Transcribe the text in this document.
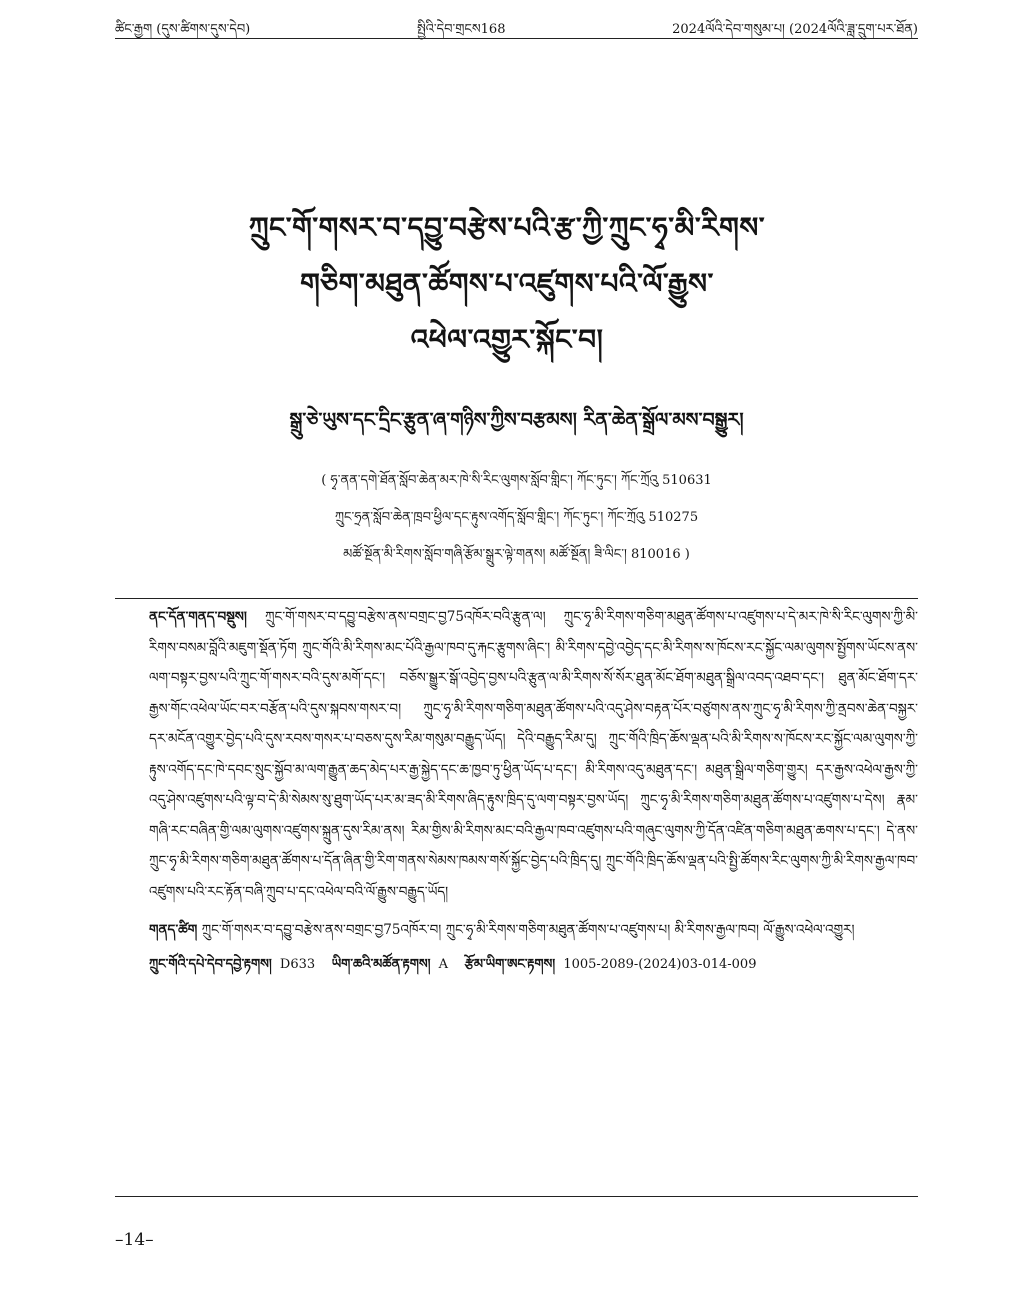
ཚིང་རྒྱག (དུས་ཚིགས་དུས་དེབ)	སྤྱིའི་དེབ་གྲངས168	2024ལོའི་དེབ་གསུམ་པ། (2024ལོའི་ཟླ་དྲུག་པར་ཐོན)
ཀྲུང་གོ་གསར་བ་དབྱུ་བརྩེས་པའི་རྩ་ཀྱི་ཀྲུང་ཧྭ་མི་རིགས་
གཅིག་མཐུན་ཚོགས་པ་འཛུགས་པའི་ལོ་རྒྱུས་
འཕེལ་འགྱུར་སྐོང་བ།
སྒྲུ་ཅེ་ཡུས་དང་དྲིང་རྩུན་ཞ་གཉིས་ཀྱིས་བརྩམས། རིན་ཆེན་སྒྲོལ་མས་བསྒྱུར།
( ཧྭ་ནན་དགེ་ཐོན་སློབ་ཆེན་མར་ཁེ་སི་རིང་ལུགས་སློབ་གླིང་། ཀོང་ཏུང་། ཀོང་ཀྲོའུ 510631
ཀྲུང་ཧྲན་སློབ་ཆེན་ཁྲབ་ཕྱིལ་དང་རྟུས་འགོད་སློབ་གླིང་། ཀོང་ཏུང་། ཀོང་ཀྲོའུ 510275
མཚོ་སྔོན་མི་རིགས་སློབ་གཞི་རྩོམ་སྒྲུར་ལྟེ་གནས། མཚོ་སྔོན། ཟི་ལིང་། 810016 )

ནང་དོན་གནད་བསྡུས། ཀྲུང་གོ་གསར་བ་དབྱུ་བརྩེས་ནས་བགྲང་བྱ75འཁོར་བའི་རྩུན་ལ། ཀྲུང་ཧྭ་མི་རིགས་གཅིག་མཐུན་ཚོགས་པ་འཛུགས་པ་དེ་མར་ཁེ་སི་རིང་ལུགས་ཀྱི་མི་རིགས་བསམ་བློའི་མཇུག་སྡོན་ཏོག ཀྲུང་གོའི་མི་རིགས་མང་པོའི་རྒྱལ་ཁབ་དུ་རྐང་རྩུགས་ཞིང་། མི་རིགས་དབྱེ་འབྱེད་དང་མི་རིགས་ས་ཁོངས་རང་སྐྱོང་ལམ་ལུགས་སྤྱོགས་ཡོངས་ནས་ལག་བསྟར་བྱས་པའི་ཀྲུང་གོ་གསར་བའི་དུས་མགོ་དང་། བཅོས་སྒྱུར་སྒོ་འབྱེད་བྱས་པའི་རྩུན་ལ་མི་རིགས་སོ་སོར་ཐུན་མོང་ཐོག་མཐུན་སྒྲིལ་འབད་འཐབ་དང་། ཐུན་མོང་ཐོག་དར་རྒྱས་གོང་འཕེལ་ཡོང་བར་བརྩོན་པའི་དུས་སྐབས་གསར་བ། ཀྲུང་ཧྭ་མི་རིགས་གཅིག་མཐུན་ཚོགས་པའི་འདུ་ཤེས་བརྟན་པོར་བཙུགས་ནས་ཀྲུང་ཧྭ་མི་རིགས་ཀྱི་ནྲབས་ཆེན་བསྐྱར་དར་མངོན་འགྱུར་བྱེད་པའི་དུས་རབས་གསར་པ་བཅས་དུས་རིམ་གསུམ་བརྒྱུད་ཡོད། དེའི་བརྒྱུད་རིམ་དུ། ཀྲུང་གོའི་ཁྲིད་ཆོས་ལྡན་པའི་མི་རིགས་ས་ཁོངས་རང་སྐྱོང་ལམ་ལུགས་ཀྱི་རྟུས་འགོད་དང་ཁེ་དབང་སྲུང་སྐྱོབ་མ་ལག་རྒྱུན་ཆད་མེད་པར་རྒྱ་སྐྱེད་དང་ཆ་ཁྱབ་ཏུ་ཕྱིན་ཡོད་པ་དང་། མི་རིགས་འདུ་མཐུན་དང་། མཐུན་སྒྲིལ་གཅིག་གྱུར། དར་རྒྱས་འཕེལ་རྒྱས་ཀྱི་འདུ་ཤེས་འཛུགས་པའི་ལྟ་བ་དེ་མི་སེམས་སུ་ཐུག་ཡོད་པར་མ་ཟད་མི་རིགས་ཞིད་རྟུས་ཁྲིད་དུ་ལག་བསྟར་བྱས་ཡོད། ཀྲུང་ཧྭ་མི་རིགས་གཅིག་མཐུན་ཚོགས་པ་འཛུགས་པ་དེས། རྣམ་གཞི་རང་བཞིན་གྱི་ལམ་ལུགས་འཛུགས་སྐྲུན་དུས་རིམ་ནས། རིམ་གྱིས་མི་རིགས་མང་བའི་རྒྱལ་ཁབ་འཛུགས་པའི་གཞུང་ལུགས་ཀྱི་དོན་འཛིན་གཅིག་མཐུན་ཆགས་པ་དང་། དེ་ནས་ཀྲུང་ཧྭ་མི་རིགས་གཅིག་མཐུན་ཚོགས་པ་དོན་ཞིན་གྱི་རིག་གནས་སེམས་ཁམས་གསོ་སྐྱོང་བྱེད་པའི་ཁྲིད་དུ། ཀྲུང་གོའི་ཁྲིད་ཆོས་ལྡན་པའི་སྤྱི་ཚོགས་རིང་ལུགས་ཀྱི་མི་རིགས་རྒྱལ་ཁབ་འཛུགས་པའི་རང་རྟོན་བཞི་ཀྲུབ་པ་དང་འཕེལ་བའི་ལོ་རྒྱུས་བརྒྱུད་ཡོད།

གནད་ཚིག ཀྲུང་གོ་གསར་བ་དབྱུ་བརྩེས་ནས་བགྲང་བྱ75འཁོར་བ། ཀྲུང་ཧྭ་མི་རིགས་གཅིག་མཐུན་ཚོགས་པ་འཛུགས་པ། མི་རིགས་རྒྱལ་ཁབ། ལོ་རྒྱུས་འཕེལ་འགྱུར།

ཀྲུང་གོའི་དཔེ་དེབ་དབྱེ་རྟགས། D633 ཡིག་ཆའི་མཚོན་རྟགས། A རྩོམ་ཡིག་ཨང་རྟགས། 1005-2089-(2024)03-014-009

–14–
